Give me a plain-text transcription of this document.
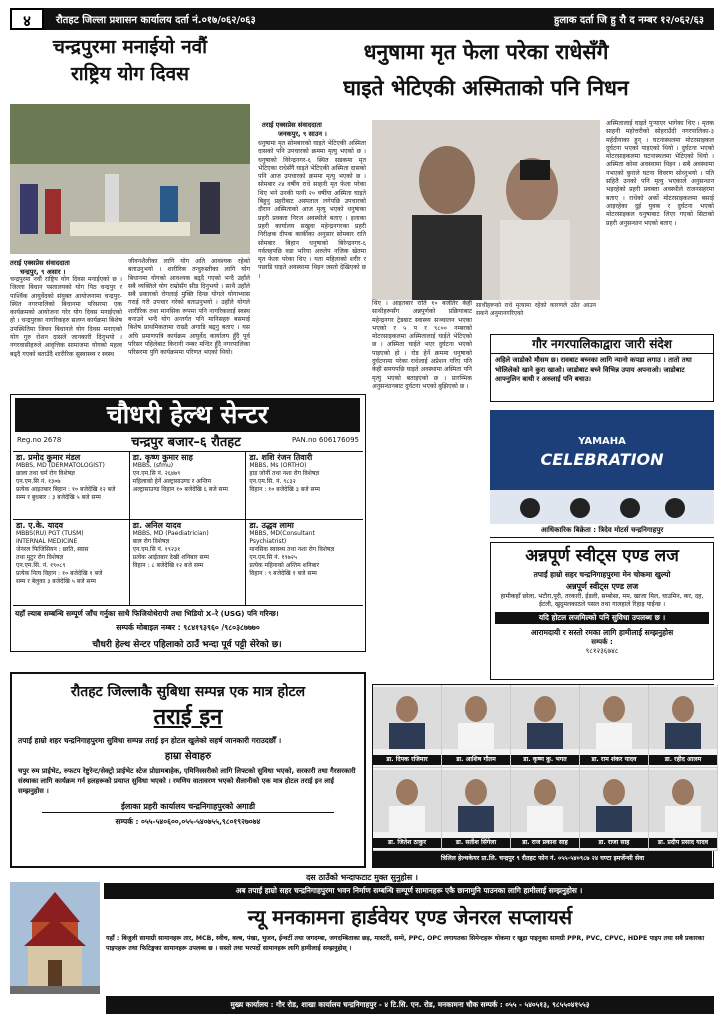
४	रौतहट जिल्ला प्रशासन कार्यालय दर्ता नं.०१७/०६२/०६३	हुलाक दर्ता जि हु रौ द नम्बर १२/०६२/६३
चन्द्रपुरमा मनाईयो नवौं
राष्ट्रिय योग दिवस
तराई एक्सप्रेस संवाददाता
चन्द्रपुर, ९ असार ।
चन्द्रपुरमा नवौं राष्ट्रिय योग दिवस मनाईएको छ । जिल्ला बिधान पस्तालयको योग पिठ चन्द्रपुर र पार्श्विक आयुर्वेदको संयुक्त आयोजनामा चन्द्रपुर- स्थित नगरपालिको बिधानमा परिसरमा एक कार्यक्रमको आयोजना गरेर योग दिवस मनाईएको हो । चन्द्रपुरका नागरिकहरु सलग्न कार्यक्रमा बिशेष उपस्थितिमा जिवन बिधानले योग दिवस मनाएको योग गुरु रोशन दासले जानकारी दिनुभयो । नगरवासीहरुले आवृत्तिक सामाजमा योगको महत्व बढ्दै गएको बताउँदै शारीरिक सुस्वास्थ्य र स्वस्थ
जीवनशैलीका लागि योग अति आवश्यक रहेको बताउनुभयो । शारीरिक तन्दुरुस्तीका लागि योग बिधानमा योगको आवश्यक बढ्दै गएको भन्दै उहाँले सबै व्यक्तिले योग राम्रोसँग सीड दिनुभयो । साथै उहाँले सबै प्रकारको रोगलाई मुक्ति दिन्छ योगले योगाभ्यास गराई गरी उपचार गरेको बताउनुभयो । उहाँले योगले शारीरिक तथा मानसिक रूपमा पनि नागरिकलाई स्वस्थ बनाउने भन्दै योग अन्तर्गत पनि मानिसहरु बसमाई बिशेष प्राथमिकतामा राख्दै अगाडि बढ्नु बताए । यस अघि प्रमाणपत्रि कार्यक्रम आयुर्वेद कार्यालय हुँदै पूर्व परिसर पहिलेबाट किरानी नम्बर मन्दिर हुँदै नगरपालिका परिसरमा पुगि कार्यक्रममा परिणत भएको थियो।
धनुषामा मृत फेला परेका राधेसँगै
घाइते भेटिएकी अस्मिताको पनि निधन
तराई एक्सप्रेस संवाददाता
जनकपुर, ९ साउन ।
धनुषामा मृत सोमबारको घाइते भेटिएकी अस्मिता दासको पनि उपचारको क्रममा मृत्यु भएको छ । धनुषाको विरेन्द्रनगर-६ स्थित सडकमा मृत भेटिएका राधेसँगै घाइते भेटिएकी अस्मिता दासको पनि आज उपचारको क्रममा मृत्यु भएको छ । सोमबार २४ वर्षीय राधे साहनी मृत फेला परेका थिए भने उनकी पत्नी २० वर्षीया अस्मिता घाइते बिहुनु प्रहरीबाट अस्पताल लगेपछि उपचारको दौरान अस्मिताको आज मृत्यु भएको धनुषाका प्रहरी प्रवक्ता निरज अवस्थीले बताए । इलाका प्रहरी कार्यालय सखुवा महेन्द्रनगरका प्रहरी निरीक्षक दीपक कार्कीका अनुसार सोमबार राति सोमबार बिहान धनुषाको बिरेन्द्रनगर-६ गर्वलहपछि वडा भरिया अरुलेप नजिक खेतमा मृत फेला परेका थिए । यता महिलाको शरीर र पछाडि घाइते अवस्थामा थिइन जस्तो देखिएको छ ।
साथीहरूको राधे मृत्यामा रहेको कारणले उठेर आउन सकने अनुमानगरिएको
थिए । आइतबार राति १० बजेतिर केही साथीहरूसँग अन्नपूर्णको प्रक्रियाबाट महेन्द्रनगर ट्रेडबाट स्वास्थ्य सञ्चालन भएका भएको र ५ प र ९८०० नम्बरको मोटरसाइकलमा अस्मितालाई घाईते भेटिएको छ । अस्मिता घाईते भएर दुर्घटना भएको पाइएको हो । रोड हेर्ने क्रममा धनुषाको दुर्घटनामा परेका राधेलाई अप्रेशन गरिए पनि केही समयपछि घाइते अवस्थामा अस्मिता पनि मृत्यु भएको बताइएको छ । प्रारम्भिक अनुसन्धानबाट दुर्घटना भएको बुझिएको छ ।
अस्मितालाई घाइते पुऱ्याएर भागेका थिए । मृतक साहनी महोत्तरीको सोहराउँदी नगरपालिका-३ मर्हदीयाका हुन् । घटनास्थलमा मोटरसाइकल दुर्घटना भएको पाइएको थियो । दुर्घटना भएको मोटरसाइकलमा घटनास्थलमा भेटिएको थियो । अस्मिता कोमा अवस्थामा थिइन । सबै अवस्थामा नभएको कुराले घटना विवरण सोध्नुभयो । पति सहितै उनको पनि मृत्यु भएकाले अनुसन्धान भइरहेको प्रहरी प्रवक्ता अवस्थीले राजनसहरमा बताए । राधेको अर्को मोटरसाइकलमा बसाई आइरहेका दुई युवक र दुर्घटना भएको मोटरसाइकल धनुषाबाट लिएर गएको सिटाको प्रहरी अनुसन्धान भएको बताए ।
चौधरी हेल्थ सेन्टर
Reg.no 2678	चन्द्रपुर बजार–६ रौतहट	PAN.no 606176095
डा. प्रमोद कुमार मंडल
MBBS, MD (DERMATOLOGIST)
छाला तथा चर्म रोग विशेषज्ञ
एन.एम.सि नं. १३०७
प्रत्येक आइतबार बिहान : १० बजेदेखि १२ बजे
सम्म र बुधबार : ३ बजेदेखि ५ बजे सम्म
डा. कृष्ण कुमार साह
MBBS, (sfmu)
एन.एम.सि नं. २६४७९
महिलाको हेर्ने अल्ट्रासाउण्ड र अन्तिम
अल्ट्रासाउण्ड विहान १० बजेदेखि ६ बजे सम्म
डा. शशि रंजन तिवारी
MBBS, Ms (ORTHO)
हाड जोर्नी तथा नशा रोग विशेषज्ञ
एन.एम.सि. नं. ९८३२
विहान : १० बजेदेखि ३ बजे सम्म
डा. ए.के. यादव
MBBS(RU) PGT (TUSM)
INTERNAL MEDICINE
जेनरल फिजिसियन : छाति, स्वास
तथा मुटुर रोग विशेषज्ञ
एन.एम.सि. नं. १९०८९
प्रत्येक नित्य विहान : १० बजेदेखि १ बजे
सम्म र बेलुका ३ बजेदेखि ५ बजे सम्म
डा. अनिल यादव
MBBS, MD (Paediatrician)
बाल रोग विशेषज्ञ
एन.एम.सि नं. १९२३१
प्रत्येक आईतबार देखी शनिबार सम्म
विहान : ८ बजेदेखि १२ बजे सम्म
डा. उद्धव लामा
MBBS, MD(Consultant
Psychiatrist)
मानसिक स्वास्थ्य तथा नशा रोग विशेषज्ञ
एन.एम.सि नं. १९७२५
प्रत्येक महिनाको अन्तिम शनिबार
विहान : ९ बजेदेखि १ बजे सम्म
यहाँ ल्याब सम्बन्धि सम्पूर्ण जाँच गर्नुका साथै फिजियोथेरापी तथा भिडियो X–रे (USG) पनि गरिन्छ।
सम्पर्क मोबाइल नम्बर : ९८४१९३९६० /९८०३८७७७०
चौधरी हेल्थ सेन्टर पहिलाको ठाउँ भन्दा पूर्व पट्टी सेरेको छ।
गौर नगरपालिकाद्वारा जारी संदेश
अहिले जाडोको मौसम छ। रावबाट बच्नका लागि न्यानो कपडा लगाउ । तातो तथा भोलिलेको खाने कुरा खाओ। जाडोबाट बच्ने विभिन्न उपाय अपनाओ। जाडोबाट आफ्नुलिन बाथी र अरुलाई पनि बचाउ।
YAMAHA
CELEBRATION
आधिकारिक बिक्रेता : त्रिदेव मोटर्स चन्द्रनिगाहपुर
अन्नपूर्ण स्वीट्स एण्ड लज
तपाईं हाम्रो सहर चन्द्रनिगाहपुरमा मेन चोकमा खुल्यो
अन्नपूर्ण स्वीट्स एण्ड लज
हामीकहाँ छोला, भटौरा,पूरी, तरकारी, ईडली, सम्बोसा, मम, खाजा मिल, चाउमिन, कर, दह, ईटली, खुदुमलकाठले पसल तथा गालहाले रिहाइ पाईन्छ ।
यदि होटल लजमिल्को पनि सुविधा उपलब्ध छ ।
आरामदायी र सस्तो रमका लागि हामीलाई सम्झनुहोस
सम्पर्क :
९८१२३६७४८
रौतहट जिल्लाकै सुबिधा सम्पन्न एक मात्र होटल
तराई इन
तपाईं हाम्रो शहर चन्द्रनिगाहपुरमा सुविधा सम्पन्न तराई इन होटल खुलेको सहर्ष जानकारी गराउदछौँ ।
हाम्रा सेवाहरु
चपुर रुम प्राईभेट, रुफटप रेष्टुरेन्ट/सेक्ट्रो प्राईभेट स्टेज प्रोग्रामबाहेक, एमिनिस्सरीको लागि लिफ्टको सुविधा भएको, सरकारी तथा गैरसरकारी संस्थाका लागि कार्यक्रम गर्न हलहरूको प्रयाप्त सुविधा भएको । रमणिय वातावरण भएको सैलानीको एक मात्र होटल तराई इन लाई सम्झनुहोस ।
ईलाका प्रहरी कार्यालय चन्द्रनिगाहपुरको अगाडी
सम्पर्क : ०५५-५४०६००,०५५-५४०७५५,९८०१९२७०७४
डा. दिपक रजिमार	डा. आशिष गौतम	डा. कृष्ण कु. भगत	डा. राम शंकर यादव	डा. रहीद आलम
डा. जितेश ठाकुर	डा. सतीश सिंगेला	डा. राज प्रकाश साह	डा. राजा साह	डा. प्रदीप प्रसाद यादव
त्रिलिल हेल्थकेयर प्रा.लि. चन्द्रपुर ९ रौतहट फोन नं. ०५५-५४०९८७ २४ घण्टा इमर्जेन्सी सेवा
दस ठाउँको भन्दाफटाट मुक्त सुनुहोस ।
अब तपाईं हाम्रो सहर चन्द्रनिगाहपुरमा भवन निर्माण सम्बन्धि सम्पूर्ण सामानहरू एकै छानामुनि पाउनका लागि हामीलाई सम्झनुहोस ।
न्यू मनकामना हार्डवेयर एण्ड जेनरल सप्लायर्स
यहाँ : बिजुली सामाग्री सामानहरू तार, MCB, स्वीच, बल्ब, पंखा, भुजन, ईन्वर्टी तथा जगदम्बा, जगदम्बिताका छड़, मास्टरी, सम्मे, PPC, OPC लगायतका सिमेन्टहरू थोकमा र खुद्रा पाइनुका सामग्री PPR, PVC, CPVC, HDPE पाइप तथा सबै प्रकारका पाइपहरू तथा फिटिङ्गका सामानहरू उपलब्ध छ । सस्तो तथा भरपर्दो सामानहरू लागि हामीलाई सम्झनुहोस् ।
मुख्य कार्यालय : गौर रोड, शाखा कार्यालय चन्द्रनिगाहपुर - ४ टि.सि. एन. रोड, मनकामना चौक सम्पर्क : ०५५ - ५४०५१३, ९८५५०४१५५३
